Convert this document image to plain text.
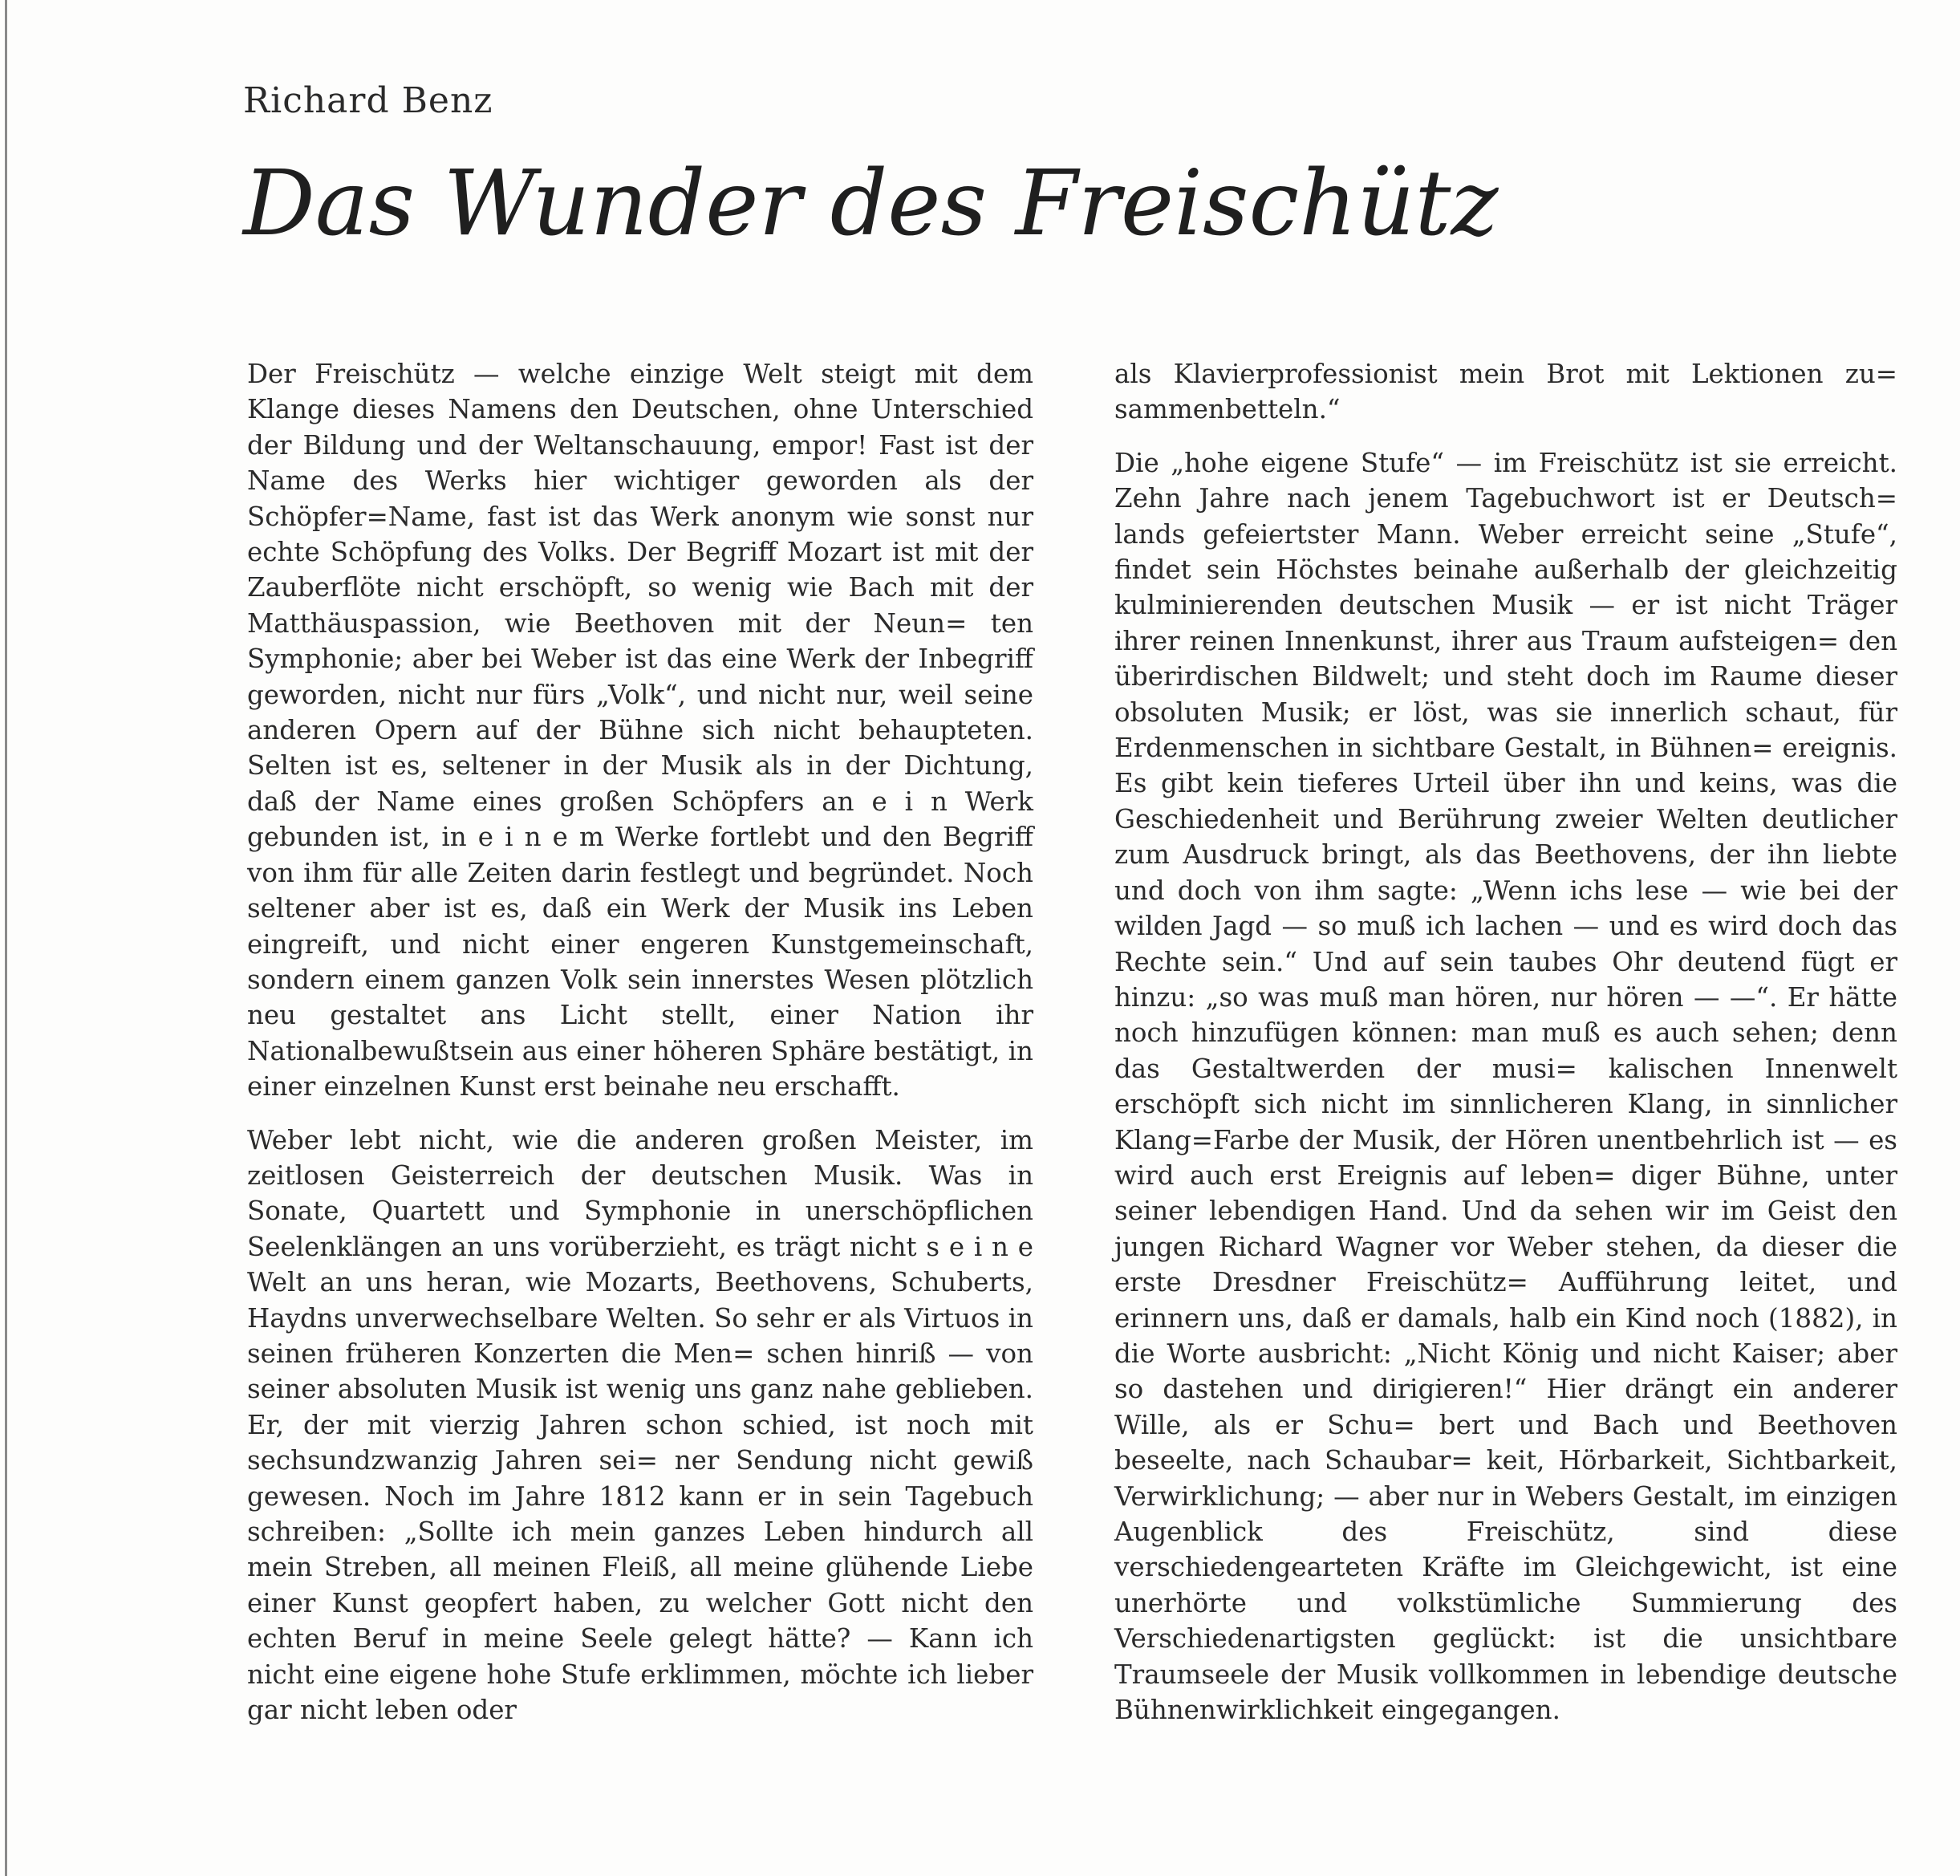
Richard Benz
Das Wunder des Freischütz

Der Freischütz — welche einzige Welt steigt mit dem Klange dieses Namens den Deutschen, ohne Unterschied der Bildung und der Weltanschauung, empor! Fast ist der Name des Werks hier wichtiger geworden als der Schöpfer=Name, fast ist das Werk anonym wie sonst nur echte Schöpfung des Volks. Der Begriff Mozart ist mit der Zauberflöte nicht erschöpft, so wenig wie Bach mit der Matthäuspassion, wie Beethoven mit der Neun= ten Symphonie; aber bei Weber ist das eine Werk der Inbegriff geworden, nicht nur fürs „Volk“, und nicht nur, weil seine anderen Opern auf der Bühne sich nicht behaupteten. Selten ist es, seltener in der Musik als in der Dichtung, daß der Name eines großen Schöpfers an e i n Werk gebunden ist, in e i n e m Werke fortlebt und den Begriff von ihm für alle Zeiten darin festlegt und begründet. Noch seltener aber ist es, daß ein Werk der Musik ins Leben eingreift, und nicht einer engeren Kunstgemeinschaft, sondern einem ganzen Volk sein innerstes Wesen plötzlich neu gestaltet ans Licht stellt, einer Nation ihr Nationalbewußtsein aus einer höheren Sphäre bestätigt, in einer einzelnen Kunst erst beinahe neu erschafft.

Weber lebt nicht, wie die anderen großen Meister, im zeitlosen Geisterreich der deutschen Musik. Was in Sonate, Quartett und Symphonie in unerschöpflichen Seelenklängen an uns vorüberzieht, es trägt nicht s e i n e Welt an uns heran, wie Mozarts, Beethovens, Schuberts, Haydns unverwechselbare Welten. So sehr er als Virtuos in seinen früheren Konzerten die Men= schen hinriß — von seiner absoluten Musik ist wenig uns ganz nahe geblieben. Er, der mit vierzig Jahren schon schied, ist noch mit sechsundzwanzig Jahren sei= ner Sendung nicht gewiß gewesen. Noch im Jahre 1812 kann er in sein Tagebuch schreiben: „Sollte ich mein ganzes Leben hindurch all mein Streben, all meinen Fleiß, all meine glühende Liebe einer Kunst geopfert haben, zu welcher Gott nicht den echten Beruf in meine Seele gelegt hätte? — Kann ich nicht eine eigene hohe Stufe erklimmen, möchte ich lieber gar nicht leben oder

als Klavierprofessionist mein Brot mit Lektionen zu= sammenbetteln.“

Die „hohe eigene Stufe“ — im Freischütz ist sie erreicht. Zehn Jahre nach jenem Tagebuchwort ist er Deutsch= lands gefeiertster Mann. Weber erreicht seine „Stufe“, findet sein Höchstes beinahe außerhalb der gleichzeitig kulminierenden deutschen Musik — er ist nicht Träger ihrer reinen Innenkunst, ihrer aus Traum aufsteigen= den überirdischen Bildwelt; und steht doch im Raume dieser obsoluten Musik; er löst, was sie innerlich schaut, für Erdenmenschen in sichtbare Gestalt, in Bühnen= ereignis. Es gibt kein tieferes Urteil über ihn und keins, was die Geschiedenheit und Berührung zweier Welten deutlicher zum Ausdruck bringt, als das Beethovens, der ihn liebte und doch von ihm sagte: „Wenn ichs lese — wie bei der wilden Jagd — so muß ich lachen — und es wird doch das Rechte sein.“ Und auf sein taubes Ohr deutend fügt er hinzu: „so was muß man hören, nur hören — —“. Er hätte noch hinzufügen können: man muß es auch sehen; denn das Gestaltwerden der musi= kalischen Innenwelt erschöpft sich nicht im sinnlicheren Klang, in sinnlicher Klang=Farbe der Musik, der Hören unentbehrlich ist — es wird auch erst Ereignis auf leben= diger Bühne, unter seiner lebendigen Hand. Und da sehen wir im Geist den jungen Richard Wagner vor Weber stehen, da dieser die erste Dresdner Freischütz= Aufführung leitet, und erinnern uns, daß er damals, halb ein Kind noch (1882), in die Worte ausbricht: „Nicht König und nicht Kaiser; aber so dastehen und dirigieren!“ Hier drängt ein anderer Wille, als er Schu= bert und Bach und Beethoven beseelte, nach Schaubar= keit, Hörbarkeit, Sichtbarkeit, Verwirklichung; — aber nur in Webers Gestalt, im einzigen Augenblick des Freischütz, sind diese verschiedengearteten Kräfte im Gleichgewicht, ist eine unerhörte und volkstümliche Summierung des Verschiedenartigsten geglückt: ist die unsichtbare Traumseele der Musik vollkommen in lebendige deutsche Bühnenwirklichkeit eingegangen.
